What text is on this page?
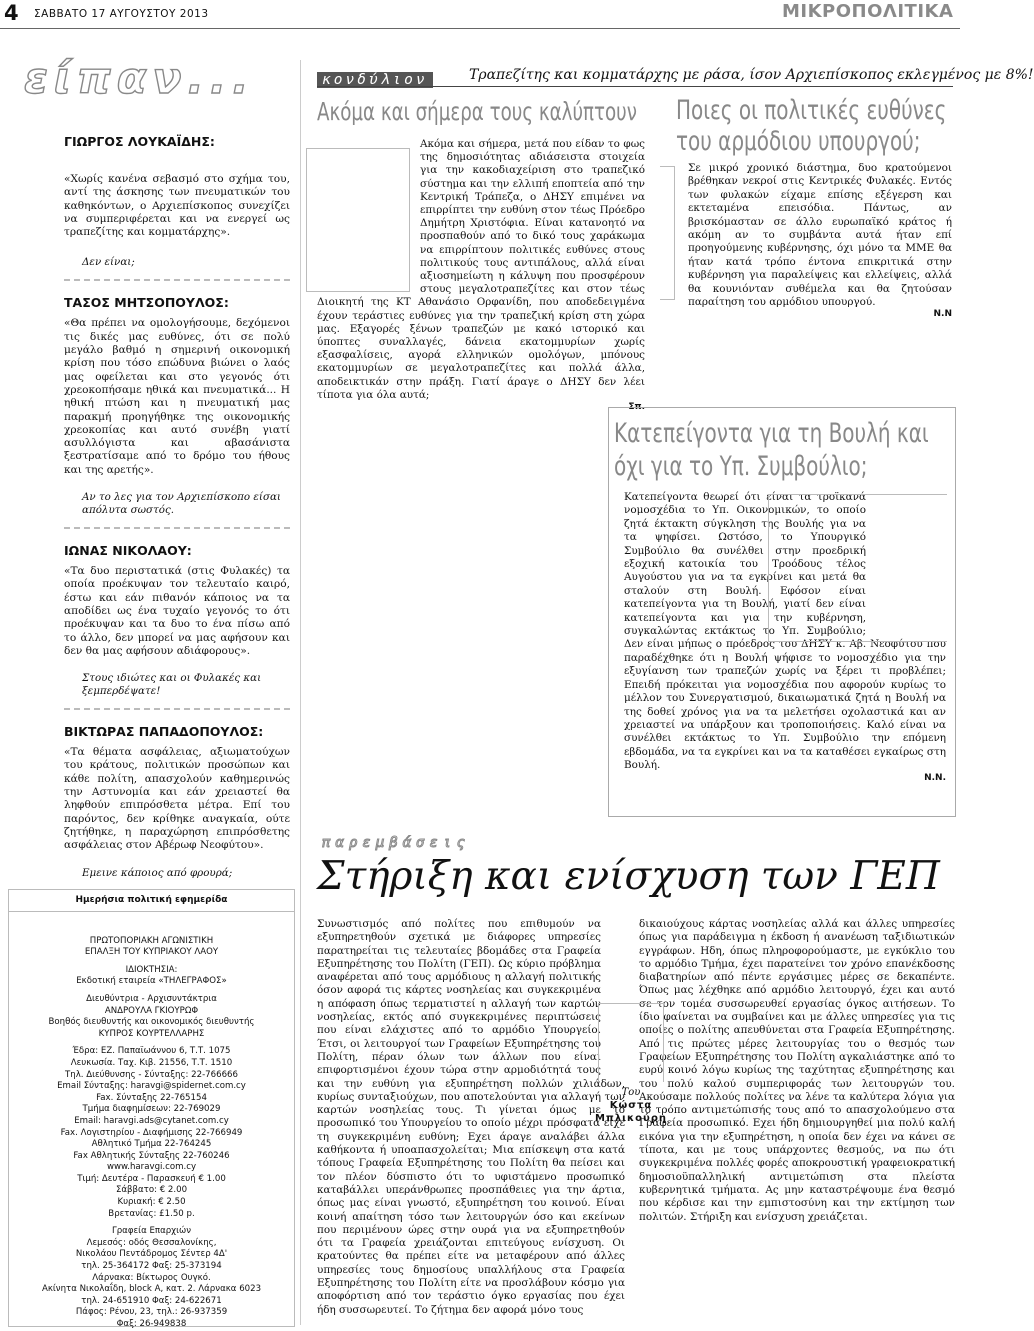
4 ΣΑΒΒΑΤΟ 17 ΑΥΓΟΥΣΤΟΥ 2013	ΜΙΚΡΟΠΟΛΙΤΙΚΑ
είπαν...
ΓΙΩΡΓΟΣ ΛΟΥΚΑΪΔΗΣ:
«Χωρίς κανένα σεβασμό στο σχήμα του, αντί της άσκησης των πνευματικών του καθηκόντων, ο Αρχιεπίσκοπος συνεχίζει να συμπεριφέρεται και να ενεργεί ως τραπεζίτης και κομματάρχης».
Δεν είναι;
ΤΑΣΟΣ ΜΗΤΣΟΠΟΥΛΟΣ:
«Θα πρέπει να ομολογήσουμε, δεχόμενοι τις δικές μας ευθύνες, ότι σε πολύ μεγάλο βαθμό η σημερινή οικονομική κρίση που τόσο επώδυνα βιώνει ο λαός μας οφείλεται και στο γεγονός ότι χρεοκοπήσαμε ηθικά και πνευματικά... Η ηθική πτώση και η πνευματική μας παρακμή προηγήθηκε της οικονομικής χρεοκοπίας και αυτό συνέβη γιατί ασυλλόγιστα και αβασάνιστα ξεστρατίσαμε από το δρόμο του ήθους και της αρετής».
Αν το λες για τον Αρχιεπίσκοπο είσαι απόλυτα σωστός.
ΙΩΝΑΣ ΝΙΚΟΛΑΟΥ:
«Τα δυο περιστατικά (στις Φυλακές) τα οποία προέκυψαν τον τελευταίο καιρό, έστω και εάν πιθανόν κάποιος να τα αποδίδει ως ένα τυχαίο γεγονός το ότι προέκυψαν και τα δυο το ένα πίσω από το άλλο, δεν μπορεί να μας αφήσουν και δεν θα μας αφήσουν αδιάφορους».
Στους ιδιώτες και οι Φυλακές και ξεμπερδέψατε!
ΒΙΚΤΩΡΑΣ ΠΑΠΑΔΟΠΟΥΛΟΣ:
«Τα θέματα ασφάλειας, αξιωματούχων του κράτους, πολιτικών προσώπων και κάθε πολίτη, απασχολούν καθημερινώς την Αστυνομία και εάν χρειαστεί θα ληφθούν επιπρόσθετα μέτρα. Επί του παρόντος, δεν κρίθηκε αναγκαία, ούτε ζητήθηκε, η παραχώρηση επιπρόσθετης ασφάλειας στον Αβέρωφ Νεοφύτου».
Εμεινε κάποιος από φρουρά;
Ημερήσια πολιτική εφημερίδα
ΠΡΩΤΟΠΟΡΙΑΚΗ ΑΓΩΝΙΣΤΙΚΗ
ΕΠΑΛΞΗ ΤΟΥ ΚΥΠΡΙΑΚΟΥ ΛΑΟΥ

ΙΔΙΟΚΤΗΣΙΑ:
Εκδοτική εταιρεία «ΤΗΛΕΓΡΑΦΟΣ»

Διευθύντρια - Αρχισυντάκτρια
ΑΝΔΡΟΥΛΑ ΓΚΙΟΥΡΩΦ
Βοηθός διευθυντής και οικονομικός διευθυντής
ΚΥΠΡΟΣ ΚΟΥΡΤΕΛΛΑΡΗΣ

Έδρα: ΕΖ. Παπαϊωάννου 6, Τ.Τ. 1075
Λευκωσία. Ταχ. Κιβ. 21556, Τ.Τ. 1510
Τηλ. Διεύθυνσης - Σύνταξης: 22-766666
Email Σύνταξης: haravgi@spidernet.com.cy
Fax. Σύνταξης 22-765154
Τμήμα διαφημίσεων: 22-769029
Email: haravgi.ads@cytanet.com.cy
Fax. Λογιστηρίου - Διαφήμισης 22-766949
Αθλητικό Τμήμα 22-764245
Fax Αθλητικής Σύνταξης 22-760246
www.haravgi.com.cy
Τιμή: Δευτέρα - Παρασκευή € 1.00
Σάββατο: € 2.00
Κυριακή: € 2.50
Βρετανίας: £1.50 p.

Γραφεία Επαρχιών
Λεμεσός: οδός Θεσσαλονίκης,
Νικολάου Πεντάδρομος Σέντερ 4Δ'
τηλ. 25-364172 Φαξ: 25-373194
Λάρνακα: Βίκτωρος Ουγκό.
Ακίνητα Νικολαΐδη, block A, κατ. 2. Λάρνακα 6023
τηλ. 24-651910 Φαξ: 24-622671
Πάφος: Ρένου, 23, τηλ.: 26-937359
Φαξ: 26-949838
κονδύλιον	Τραπεζίτης και κομματάρχης με ράσα, ίσον Αρχιεπίσκοπος εκλεγμένος με 8%!
Ακόμα και σήμερα τους καλύπτουν
Ακόμα και σήμερα, μετά που είδαν το φως της δημοσιότητας αδιάσειστα στοιχεία για την κακοδιαχείριση στο τραπεζικό σύστημα και την ελλιπή εποπτεία από την Κεντρική Τράπεζα, ο ΔΗΣΥ επιμένει να επιρρίπτει την ευθύνη στον τέως Πρόεδρο Δημήτρη Χριστόφια. Είναι κατανοητό να προσπαθούν από το δικό τους χαράκωμα να επιρρίπτουν πολιτικές ευθύνες στους πολιτικούς τους αντιπάλους, αλλά είναι αξιοσημείωτη η κάλυψη που προσφέρουν στους μεγαλοτραπεζίτες και στον τέως Διοικητή της ΚΤ Αθανάσιο Ορφανίδη, που αποδεδειγμένα έχουν τεράστιες ευθύνες για την τραπεζική κρίση στη χώρα μας. Εξαγορές ξένων τραπεζών με κακό ιστορικό και ύποπτες συναλλαγές, δάνεια εκατομμυρίων χωρίς εξασφαλίσεις, αγορά ελληνικών ομολόγων, μπόνους εκατομμυρίων σε μεγαλοτραπεζίτες και πολλά άλλα, αποδεικτικάν στην πράξη. Γιατί άραγε ο ΔΗΣΥ δεν λέει τίποτα για όλα αυτά;
Σπ.
Ποιες οι πολιτικές ευθύνες του αρμόδιου υπουργού;
Σε μικρό χρονικό διάστημα, δυο κρατούμενοι βρέθηκαν νεκροί στις Κεντρικές Φυλακές. Εντός των φυλακών είχαμε επίσης εξέγερση και εκτεταμένα επεισόδια. Πάντως, αν βρισκόμασταν σε άλλο ευρωπαϊκό κράτος ή ακόμη αν το συμβάντα αυτά ήταν επί προηγούμενης κυβέρνησης, όχι μόνο τα ΜΜΕ θα ήταν κατά τρόπο έντονα επικριτικά στην κυβέρνηση για παραλείψεις και ελλείψεις, αλλά θα κουνιόνταν συθέμελα και θα ζητούσαν παραίτηση του αρμόδιου υπουργού.
Ν.Ν
Κατεπείγοντα για τη Βουλή και όχι για το Υπ. Συμβούλιο;
Κατεπείγοντα θεωρεί ότι είναι τα τροϊκανά νομοσχέδια το Υπ. Οικονομικών, το οποίο ζητά έκτακτη σύγκληση της Βουλής για να τα ψηφίσει. Ωστόσο, το Υπουργικό Συμβούλιο θα συνέλθει στην προεδρική εξοχική κατοικία του Τροόδους τέλος Αυγούστου για να τα εγκρίνει και μετά θα σταλούν στη Βουλή. Εφόσον είναι κατεπείγοντα για τη Βουλή, γιατί δεν είναι κατεπείγοντα και για την κυβέρνηση, συγκαλώντας εκτάκτως το Υπ. Συμβούλιο; Δεν είναι μήπως ο πρόεδρος του ΔΗΣΥ κ. Αβ. Νεοφύτου που παραδέχθηκε ότι η Βουλή ψήφισε το νομοσχέδιο για την εξυγίανση των τραπεζών χωρίς να ξέρει τι προβλέπει; Επειδή πρόκειται για νομοσχέδια που αφορούν κυρίως το μέλλον του Συνεργατισμού, δικαιωματικά ζητά η Βουλή να της δοθεί χρόνος για να τα μελετήσει οχολαστικά και αν χρειαστεί να υπάρξουν και τροποποιήσεις. Καλό είναι να συνέλθει εκτάκτως το Υπ. Συμβούλιο την επόμενη εβδομάδα, να τα εγκρίνει και να τα καταθέσει εγκαίρως στη Βουλή.
Ν.Ν.
παρεμβάσεις
Στήριξη και ενίσχυση των ΓΕΠ
Συνωστισμός από πολίτες που επιθυμούν να εξυπηρετηθούν σχετικά με διάφορες υπηρεσίες παρατηρείται τις τελευταίες βδομάδες στα Γραφεία Εξυπηρέτησης του Πολίτη (ΓΕΠ). Ως κύριο πρόβλημα αναφέρεται από τους αρμόδιους η αλλαγή πολιτικής όσον αφορά τις κάρτες νοσηλείας και συγκεκριμένα η απόφαση όπως τερματιστεί η αλλαγή των καρτών νοσηλείας, εκτός από συγκεκριμένες περιπτώσεις που είναι ελάχιστες από το αρμόδιο Υπουργείο. Έτσι, οι λειτουργοί των Γραφείων Εξυπηρέτησης του Πολίτη, πέραν όλων των άλλων που είναι επιφορτισμένοι έχουν τώρα στην αρμοδιότητά τους και την ευθύνη για εξυπηρέτηση πολλών χιλιάδων, κυρίως συνταξιούχων, που αποτελούνται για αλλαγή των καρτών νοσηλείας τους. Τι γίνεται όμως με το προσωπικό του Υπουργείου το οποίο μέχρι πρόσφατα είχε τη συγκεκριμένη ευθύνη; Εχει άραγε αναλάβει άλλα καθήκοντα ή υποαπασχολείται; Μια επίσκεψη στα κατά τόπους Γραφεία Εξυπηρέτησης του Πολίτη θα πείσει και τον πλέον δύσπιστο ότι το υφιστάμενο προσωπικό καταβάλλει υπεράνθρωπες προσπάθειες για την άρτια, όπως μας είναι γνωστό, εξυπηρέτηση του κοινού. Είναι κοινή απαίτηση τόσο των λειτουργών όσο και εκείνων που περιμένουν ώρες στην ουρά για να εξυπηρετηθούν ότι τα Γραφεία χρειάζονται επιτεύγους ενίσχυση. Οι κρατούντες θα πρέπει είτε να μεταφέρουν από άλλες υπηρεσίες τους δημοσίους υπαλλήλους στα Γραφεία Εξυπηρέτησης του Πολίτη είτε να προσλάβουν κόσμο για αποφόρτιση από τον τεράστιο όγκο εργασίας που έχει ήδη συσσωρευτεί. Το ζήτημα δεν αφορά μόνο τους
δικαιούχους κάρτας νοσηλείας αλλά και άλλες υπηρεσίες όπως για παράδειγμα η έκδοση ή ανανέωση ταξιδιωτικών εγγράφων. Ηδη, όπως πληροφορούμαστε, με εγκύκλιο του το αρμόδιο Τμήμα, έχει παρατείνει τον χρόνο επανέκδοσης διαβατηρίων από πέντε εργάσιμες μέρες σε δεκαπέντε. Όπως μας λέχθηκε από αρμόδιο λειτουργό, έχει και αυτό σε τον τομέα συσσωρευθεί εργασίας όγκος αιτήσεων. Το ίδιο φαίνεται να συμβαίνει και με άλλες υπηρεσίες για τις οποίες ο πολίτης απευθύνεται στα Γραφεία Εξυπηρέτησης. Από τις πρώτες μέρες λειτουργίας του ο θεσμός των Γραφείων Εξυπηρέτησης του Πολίτη αγκαλιάστηκε από το ευρύ κοινό λόγω κυρίως της ταχύτητας εξυπηρέτησης και του πολύ καλού συμπεριφοράς των λειτουργών του. Ακούσαμε πολλούς πολίτες να λένε τα καλύτερα λόγια για το τρόπο αντιμετώπισής τους από το απασχολούμενο στα Γραφεία προσωπικό. Εχει ήδη δημιουργηθεί μια πολύ καλή εικόνα για την εξυπηρέτηση, η οποία δεν έχει να κάνει σε τίποτα, και με τους υπάρχοντες θεσμούς, να πω ότι συγκεκριμένα πολλές φορές αποκρουστική γραφειοκρατική δημοσιοϋπαλληλική αντιμετώπιση στα πλείστα κυβερνητικά τμήματα. Ας μην καταστρέψουμε ένα θεσμό που κέρδισε και την εμπιστοσύνη και την εκτίμηση των πολιτών. Στήριξη και ενίσχυση χρειάζεται.
Του
Κώστα
Μπλικούρη
